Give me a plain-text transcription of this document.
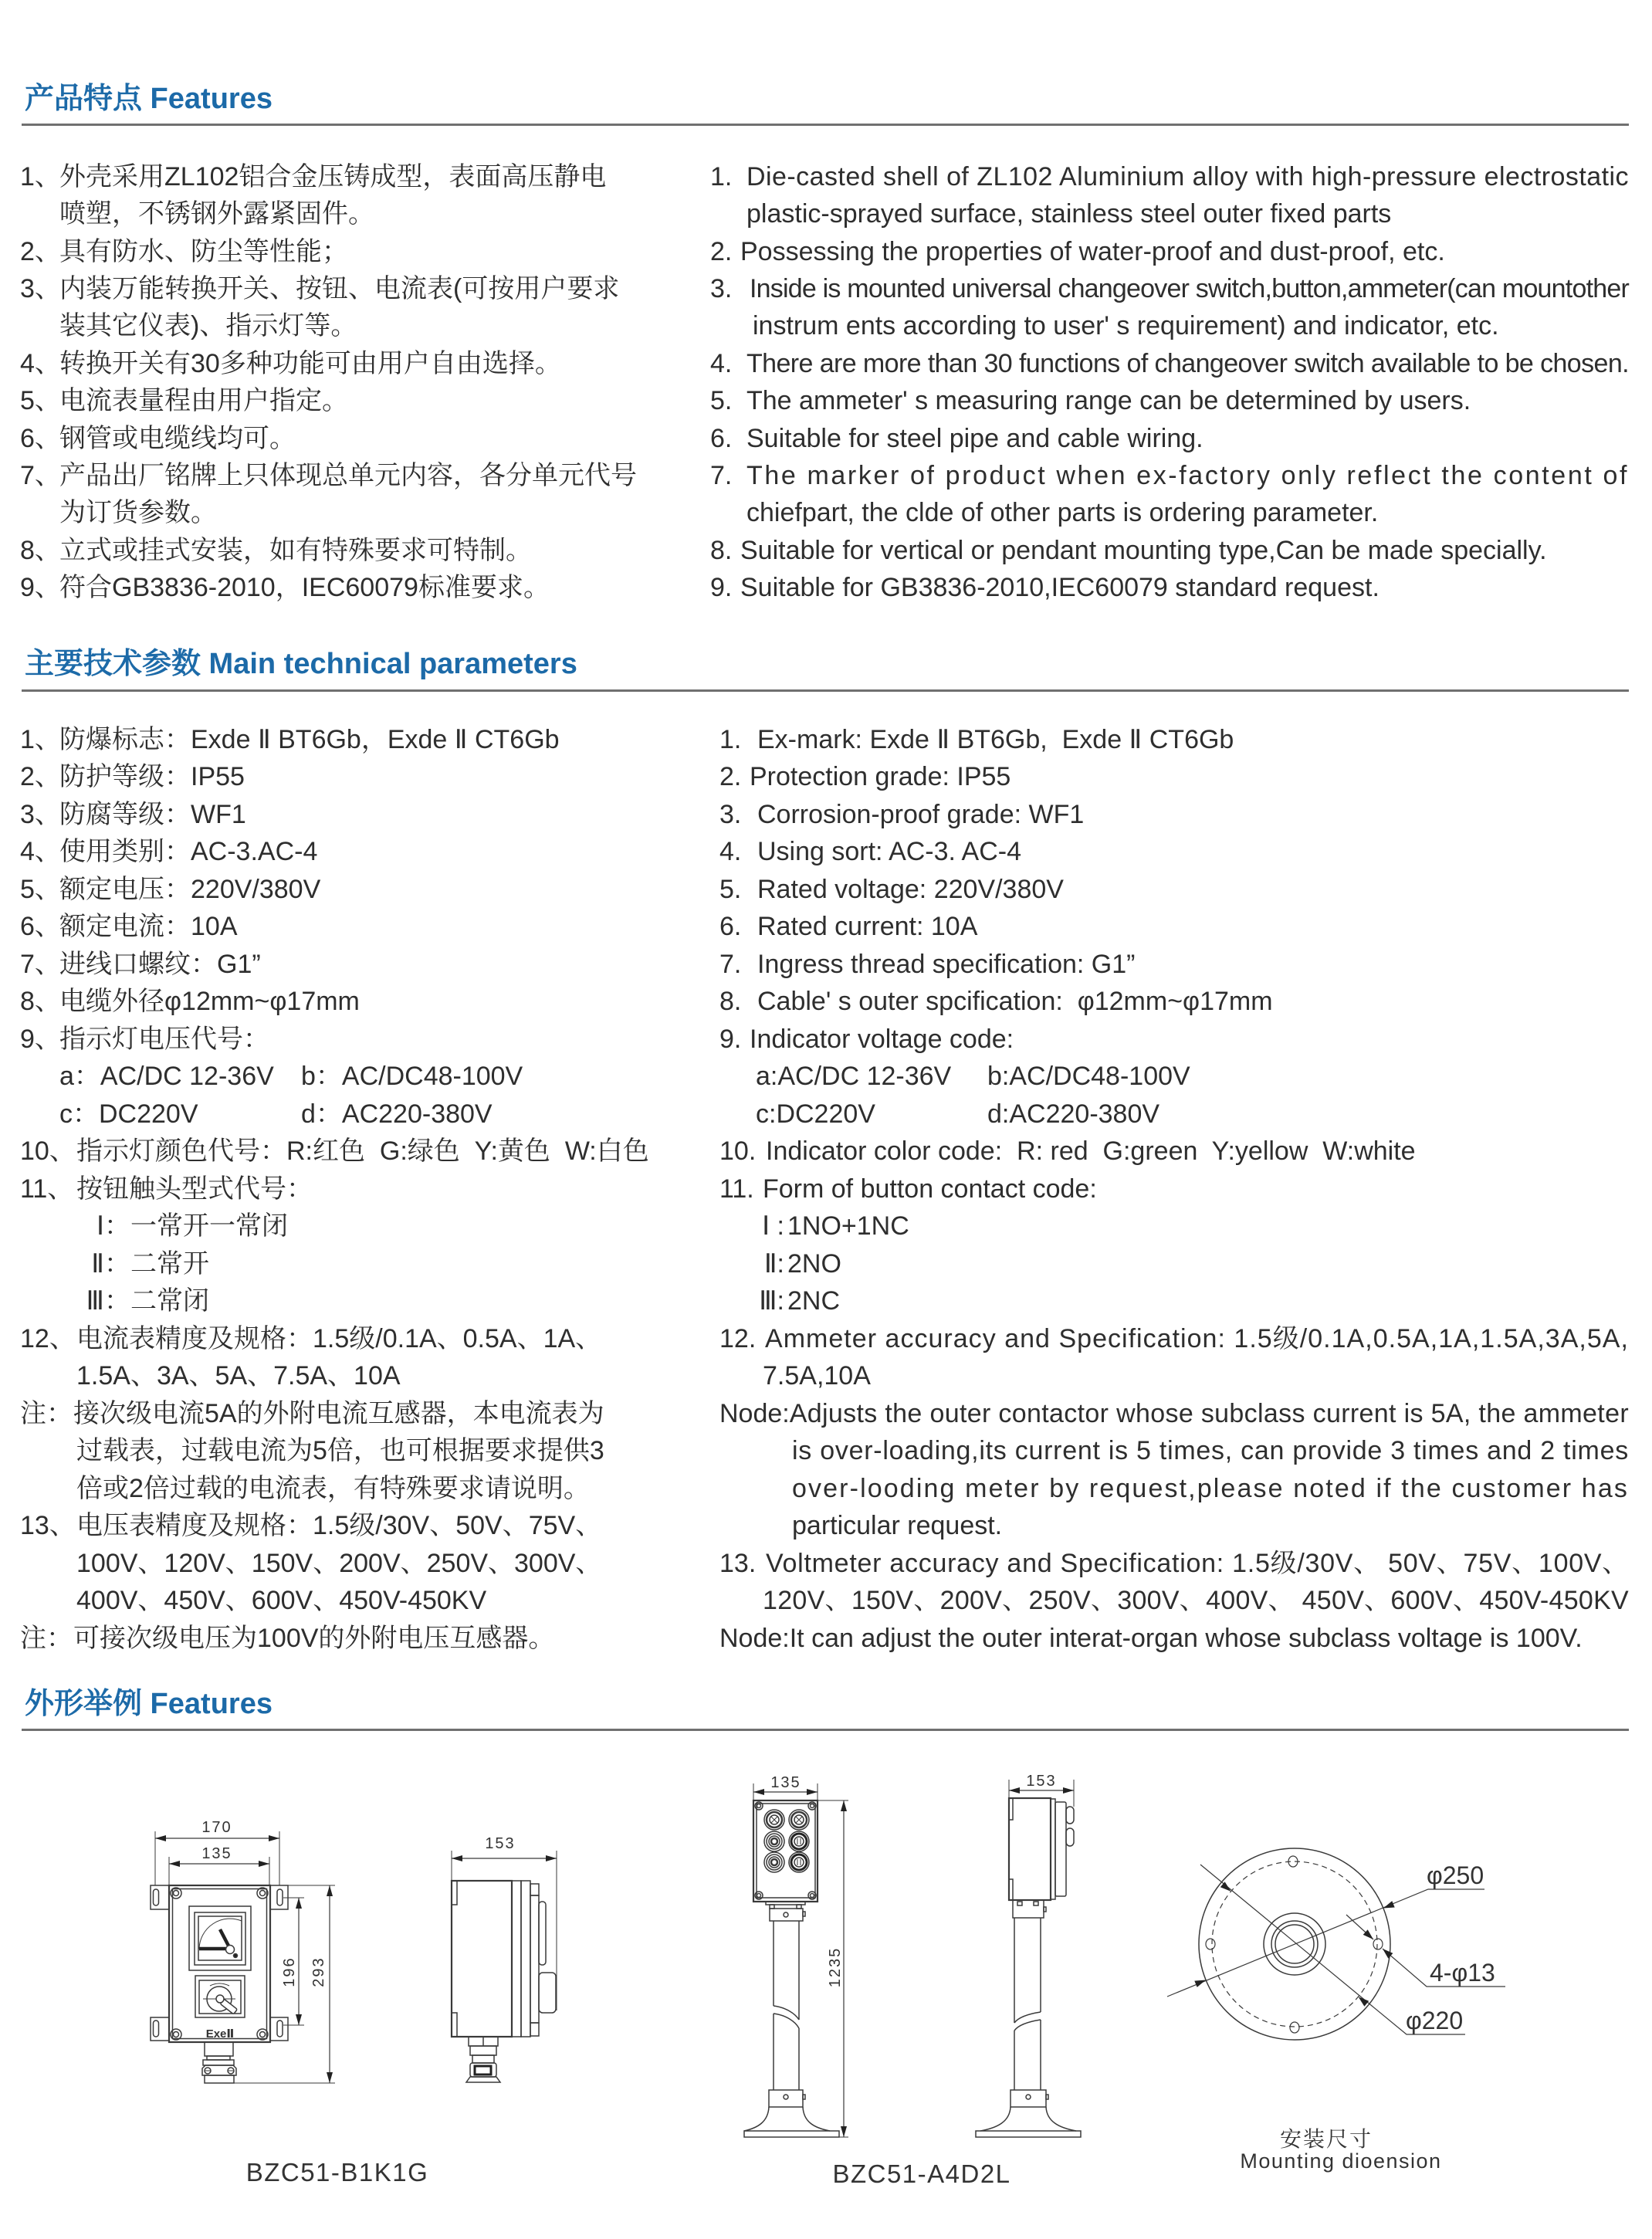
产品特点 Features
1、外壳采用ZL102铝合金压铸成型，表面高压静电
喷塑，不锈钢外露紧固件。
2、具有防水、防尘等性能；
3、内装万能转换开关、按钮、电流表(可按用户要求
装其它仪表)、指示灯等。
4、转换开关有30多种功能可由用户自由选择。
5、电流表量程由用户指定。
6、钢管或电缆线均可。
7、产品出厂铭牌上只体现总单元内容，各分单元代号
为订货参数。
8、立式或挂式安装，如有特殊要求可特制。
9、符合GB3836-2010，IEC60079标准要求。
1. Die-casted shell of ZL102 Aluminium alloy with high-pressure electrostatic
plastic-sprayed surface, stainless steel outer fixed parts
2. Possessing the properties of water-proof and dust-proof, etc.
3. Inside is mounted universal changeover switch,button,ammeter(can mountother
instrum ents according to user' s requirement) and indicator, etc.
4. There are more than 30 functions of changeover switch available to be chosen.
5. The ammeter' s measuring range can be determined by users.
6. Suitable for steel pipe and cable wiring.
7. The marker of product when ex-factory only reflect the content of
chiefpart, the clde of other parts is ordering parameter.
8. Suitable for vertical or pendant mounting type,Can be made specially.
9. Suitable for GB3836-2010,IEC60079 standard request.
主要技术参数 Main technical parameters
1、防爆标志：Exde Ⅱ BT6Gb，Exde Ⅱ CT6Gb
2、防护等级：IP55
3、防腐等级：WF1
4、使用类别：AC-3.AC-4
5、额定电压：220V/380V
6、额定电流：10A
7、进线口螺纹：G1”
8、电缆外径φ12mm~φ17mm
9、指示灯电压代号：
a：AC/DC 12-36V b：AC/DC48-100V
c：DC220V	d：AC220-380V
10、指示灯颜色代号：R:红色  G:绿色  Y:黄色  W:白色
11、 按钮触头型式代号：
Ⅰ：一常开一常闭
Ⅱ：二常开
Ⅲ：二常闭
12、电流表精度及规格：1.5级/0.1A、0.5A、1A、
1.5A、3A、5A、7.5A、10A
注：接次级电流5A的外附电流互感器，本电流表为
过载表，过载电流为5倍，也可根据要求提供3
倍或2倍过载的电流表，有特殊要求请说明。
13、电压表精度及规格：1.5级/30V、50V、75V、
100V、120V、150V、200V、250V、300V、
400V、450V、600V、450V-450KV
注：可接次级电压为100V的外附电压互感器。
1. Ex-mark: Exde Ⅱ BT6Gb,  Exde Ⅱ CT6Gb
2. Protection grade: IP55
3. Corrosion-proof grade: WF1
4. Using sort: AC-3. AC-4
5. Rated voltage: 220V/380V
6. Rated current: 10A
7. Ingress thread specification: G1”
8. Cable' s outer spcification:  φ12mm~φ17mm
9. Indicator voltage code:
a:AC/DC 12-36V b:AC/DC48-100V
c:DC220V	d:AC220-380V
10. Indicator color code:  R: red  G:green  Y:yellow  W:white
11. Form of button contact code:
Ⅰ : 1NO+1NC
Ⅱ: 2NO
Ⅲ: 2NC
12. Ammeter accuracy and Specification: 1.5级/0.1A,0.5A,1A,1.5A,3A,5A,
7.5A,10A
Node:Adjusts the outer contactor whose subclass current is 5A, the ammeter
is over-loading,its current is 5 times, can provide 3 times and 2 times
over-looding meter by request,please noted if the customer has
particular request.
13. Voltmeter accuracy and Specification: 1.5级/30V、 50V、75V、100V、
120V、150V、200V、250V、300V、400V、 450V、600V、450V-450KV
Node:It can adjust the outer interat-organ whose subclass voltage is 100V.
外形举例 Features
170
135
196 293
ExeⅡ
153
BZC51-B1K1G
135
1235
153
BZC51-A4D2L
φ250
4-φ13
φ220
安装尺寸
Mounting dioension
